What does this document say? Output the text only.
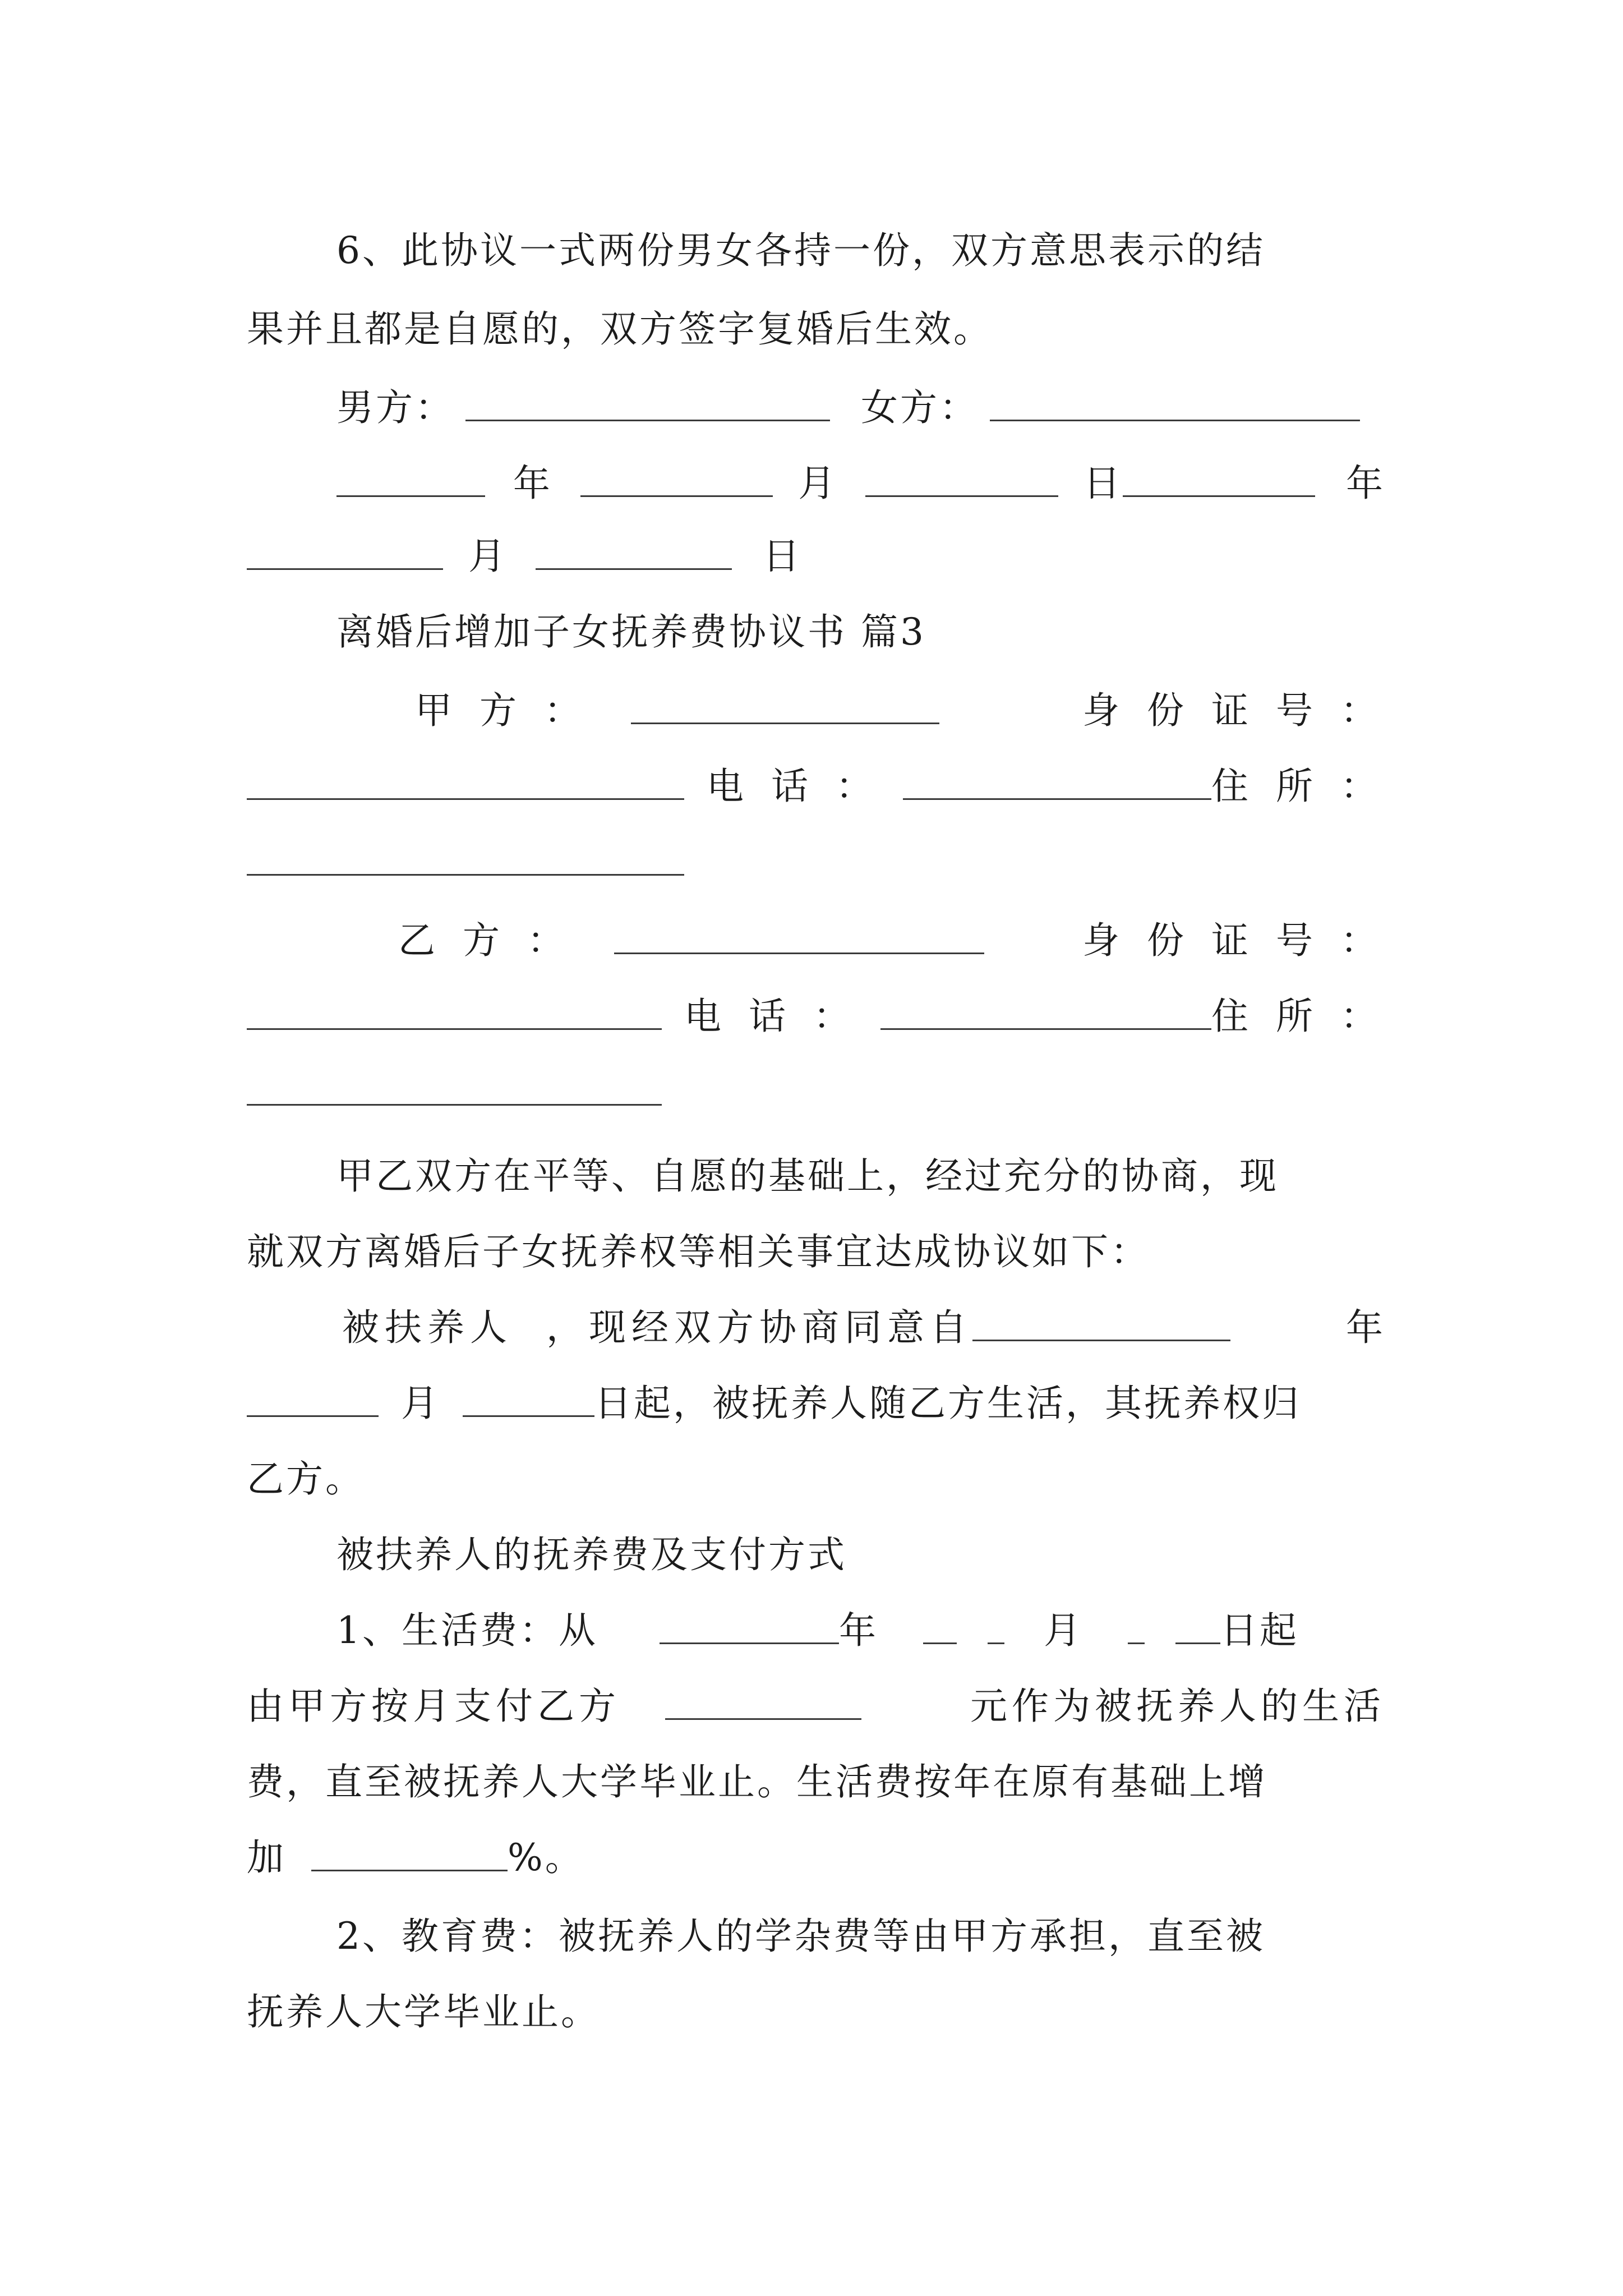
6、此协议一式两份男女各持一份，双方意思表示的结
果并且都是自愿的，双方签字复婚后生效。
男方：	女方：
年	月	日	年
月	日
离婚后增加子女抚养费协议书 篇3
甲 方 ：	身 份 证 号 ：
电 话 ：	住 所 ：
乙 方 ：	身 份 证 号 ：
电 话 ：	住 所 ：
甲乙双方在平等、自愿的基础上，经过充分的协商，现
就双方离婚后子女抚养权等相关事宜达成协议如下：
被扶养人 ，现经双方协商同意自	年
月	日起，被抚养人随乙方生活，其抚养权归
乙方。
被扶养人的抚养费及支付方式
1、生活费：从	年	月	日起
由甲方按月支付乙方	元作为被抚养人的生活
费，直至被抚养人大学毕业止。生活费按年在原有基础上增
加	%。
2、教育费：被抚养人的学杂费等由甲方承担，直至被
抚养人大学毕业止。
